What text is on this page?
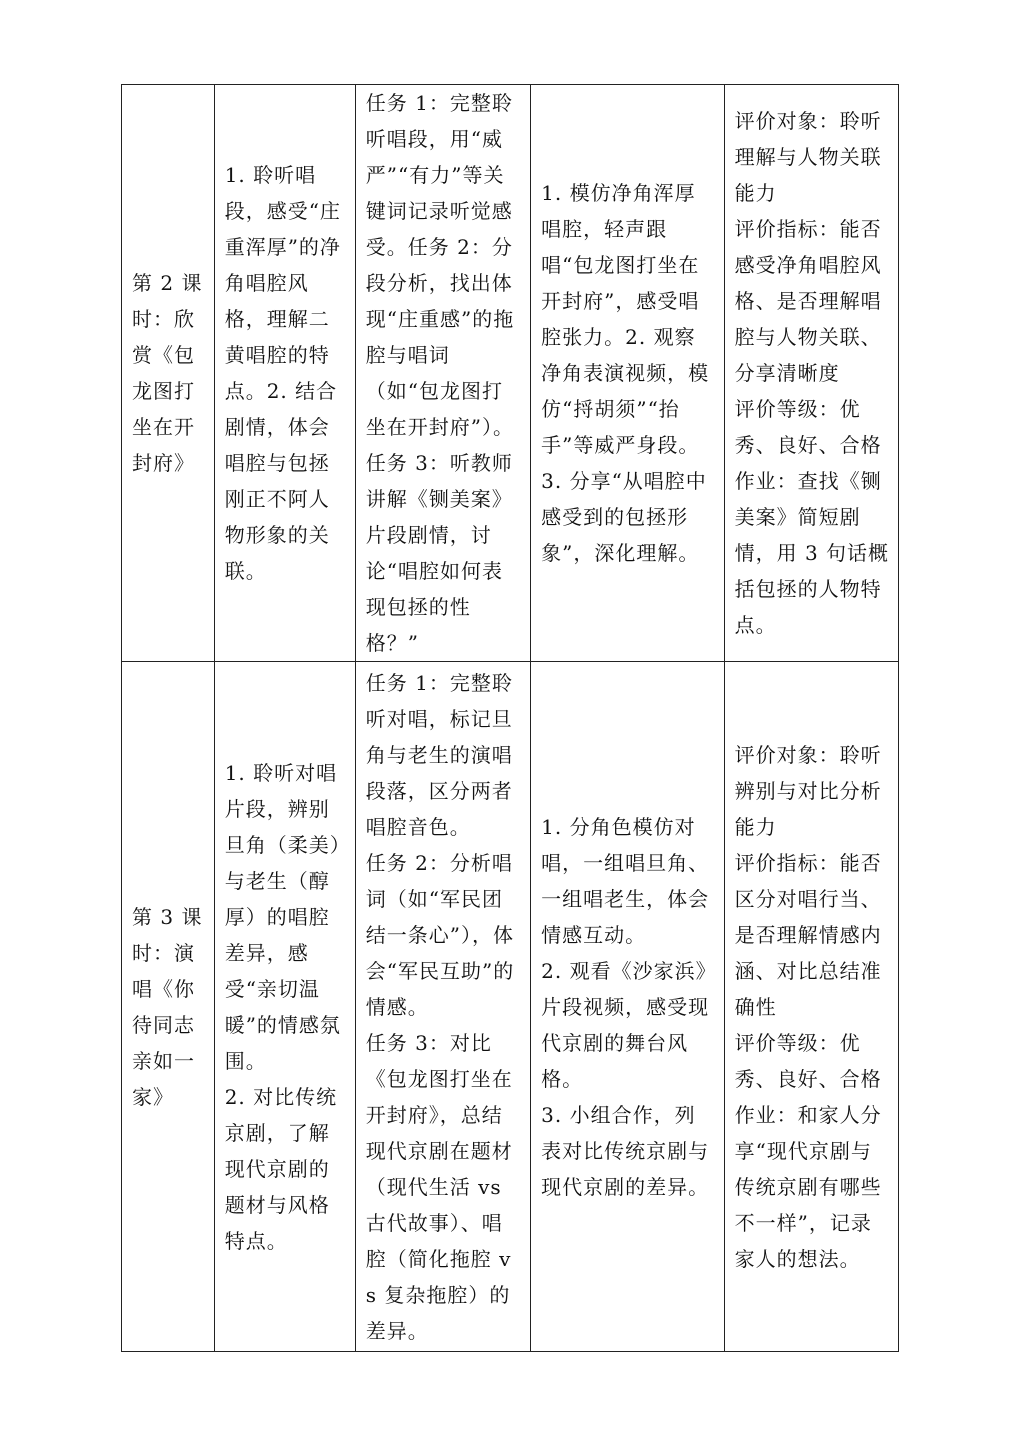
第 2 课时：欣赏《包龙图打坐在开封府》	1. 聆听唱段，感受“庄重浑厚”的净角唱腔风格，理解二黄唱腔的特点。2. 结合剧情，体会唱腔与包拯刚正不阿人物形象的关联。	任务 1：完整聆听唱段，用“威严”“有力”等关键词记录听觉感受。任务 2：分段分析，找出体现“庄重感”的拖腔与唱词（如“包龙图打坐在开封府”）。任务 3：听教师讲解《铡美案》片段剧情，讨论“唱腔如何表现包拯的性格？”	1. 模仿净角浑厚唱腔，轻声跟唱“包龙图打坐在开封府”，感受唱腔张力。2. 观察净角表演视频，模仿“捋胡须”“抬手”等威严身段。3. 分享“从唱腔中感受到的包拯形象”，深化理解。	评价对象：聆听理解与人物关联能力
评价指标：能否感受净角唱腔风格、是否理解唱腔与人物关联、分享清晰度
评价等级：优秀、良好、合格作业：查找《铡美案》简短剧情，用 3 句话概括包拯的人物特点。

第 3 课时：演唱《你待同志亲如一家》	1. 聆听对唱片段，辨别旦角（柔美）与老生（醇厚）的唱腔差异，感受“亲切温暖”的情感氛围。
2. 对比传统京剧，了解现代京剧的题材与风格特点。	任务 1：完整聆听对唱，标记旦角与老生的演唱段落，区分两者唱腔音色。
任务 2：分析唱词（如“军民团结一条心”），体会“军民互助”的情感。
任务 3：对比《包龙图打坐在开封府》，总结现代京剧在题材（现代生活 vs 古代故事）、唱腔（简化拖腔 vs 复杂拖腔）的差异。	1. 分角色模仿对唱，一组唱旦角、一组唱老生，体会情感互动。
2. 观看《沙家浜》片段视频，感受现代京剧的舞台风格。
3. 小组合作，列表对比传统京剧与现代京剧的差异。	评价对象：聆听辨别与对比分析能力
评价指标：能否区分对唱行当、是否理解情感内涵、对比总结准确性
评价等级：优秀、良好、合格
作业：和家人分享“现代京剧与传统京剧有哪些不一样”，记录家人的想法。
